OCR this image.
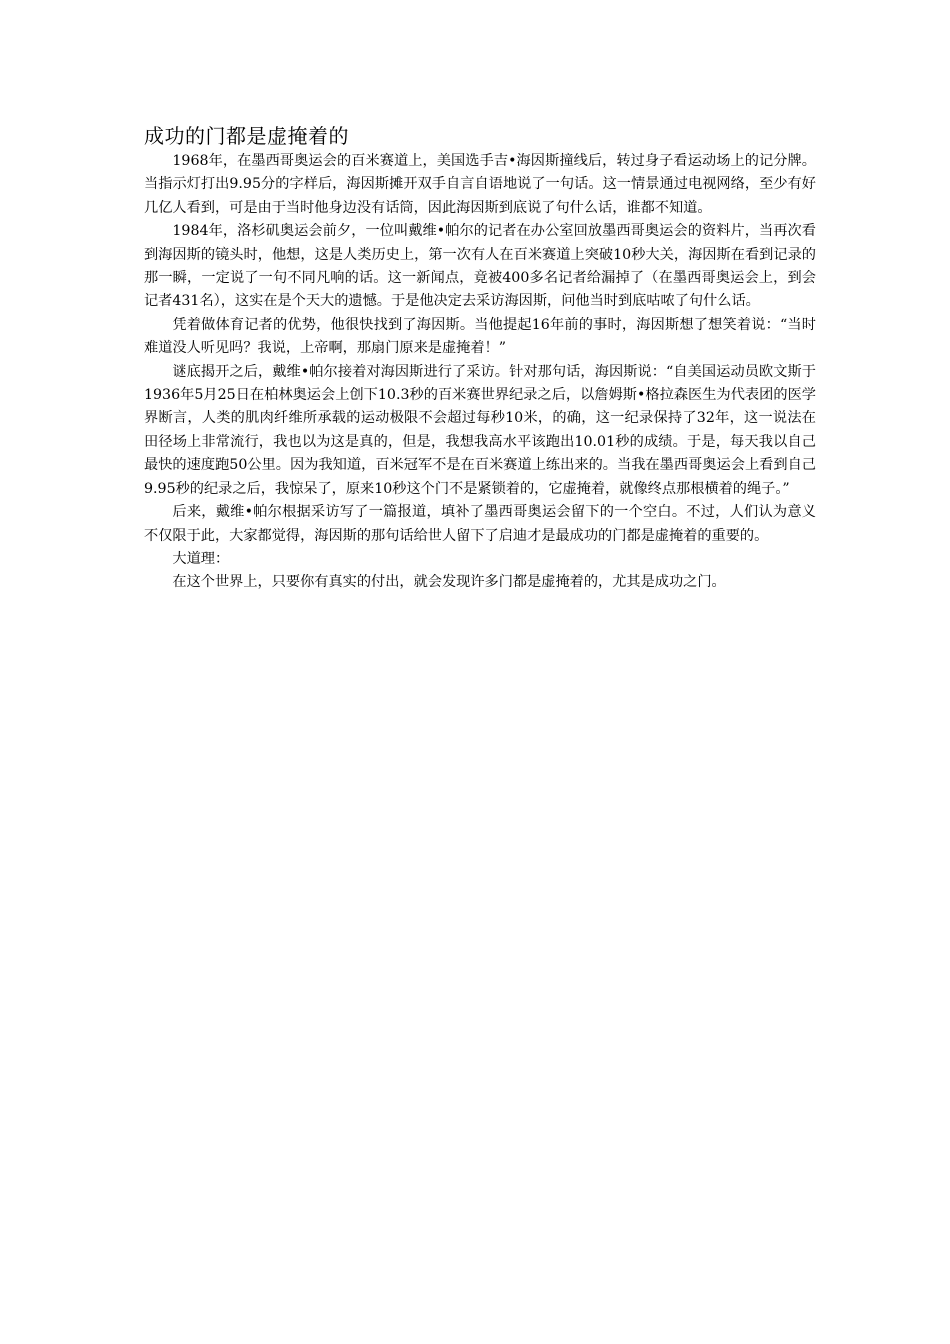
成功的门都是虚掩着的

1968年，在墨西哥奥运会的百米赛道上，美国选手吉•海因斯撞线后，转过身子看运动场上的记分牌。当指示灯打出9.95分的字样后，海因斯摊开双手自言自语地说了一句话。这一情景通过电视网络，至少有好几亿人看到，可是由于当时他身边没有话筒，因此海因斯到底说了句什么话，谁都不知道。

1984年，洛杉矶奥运会前夕，一位叫戴维•帕尔的记者在办公室回放墨西哥奥运会的资料片，当再次看到海因斯的镜头时，他想，这是人类历史上，第一次有人在百米赛道上突破10秒大关，海因斯在看到记录的那一瞬，一定说了一句不同凡响的话。这一新闻点，竟被400多名记者给漏掉了（在墨西哥奥运会上，到会记者431名），这实在是个天大的遗憾。于是他决定去采访海因斯，问他当时到底咕哝了句什么话。

凭着做体育记者的优势，他很快找到了海因斯。当他提起16年前的事时，海因斯想了想笑着说：“当时难道没人听见吗？我说，上帝啊，那扇门原来是虚掩着！”

谜底揭开之后，戴维•帕尔接着对海因斯进行了采访。针对那句话，海因斯说：“自美国运动员欧文斯于1936年5月25日在柏林奥运会上创下10.3秒的百米赛世界纪录之后，以詹姆斯•格拉森医生为代表团的医学界断言，人类的肌肉纤维所承载的运动极限不会超过每秒10米，的确，这一纪录保持了32年，这一说法在田径场上非常流行，我也以为这是真的，但是，我想我高水平该跑出10.01秒的成绩。于是，每天我以自己最快的速度跑50公里。因为我知道，百米冠军不是在百米赛道上练出来的。当我在墨西哥奥运会上看到自己9.95秒的纪录之后，我惊呆了，原来10秒这个门不是紧锁着的，它虚掩着，就像终点那根横着的绳子。”

后来，戴维•帕尔根据采访写了一篇报道，填补了墨西哥奥运会留下的一个空白。不过，人们认为意义不仅限于此，大家都觉得，海因斯的那句话给世人留下了启迪才是最成功的门都是虚掩着的重要的。

大道理：

在这个世界上，只要你有真实的付出，就会发现许多门都是虚掩着的，尤其是成功之门。
